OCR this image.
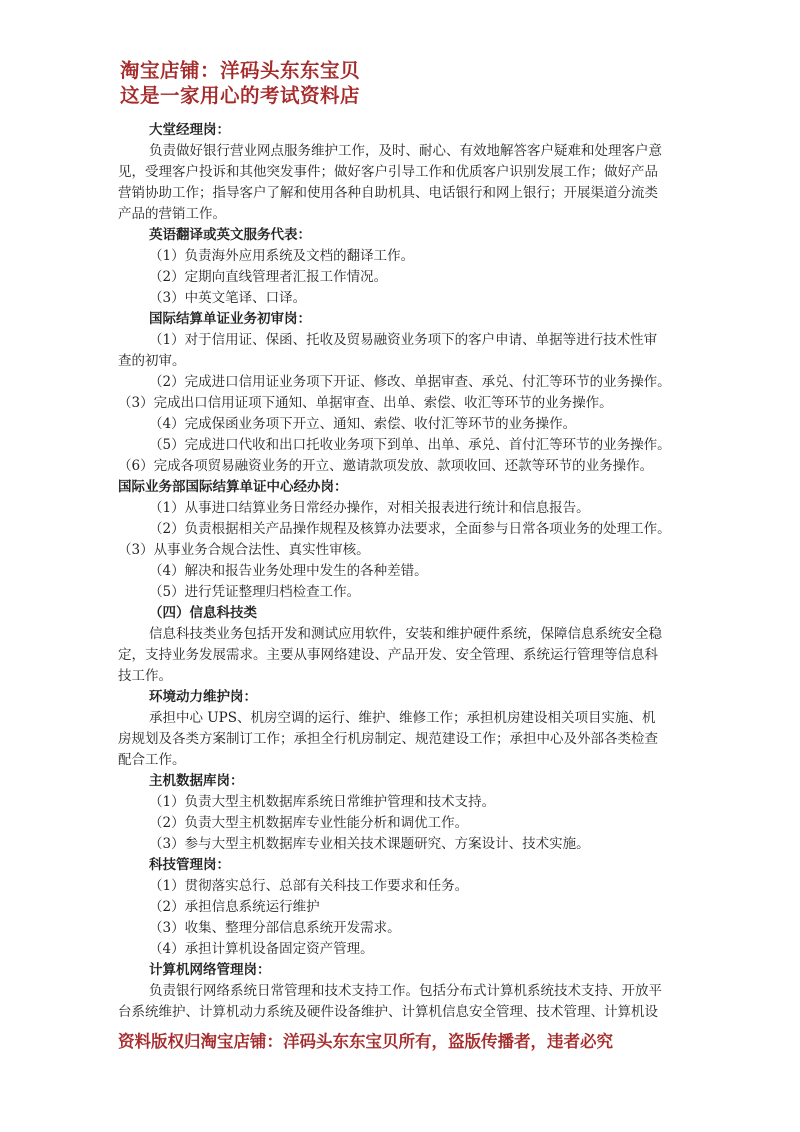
淘宝店铺：洋码头东东宝贝
这是一家用心的考试资料店
大堂经理岗：
负责做好银行营业网点服务维护工作，及时、耐心、有效地解答客户疑难和处理客户意
见，受理客户投诉和其他突发事件；做好客户引导工作和优质客户识别发展工作；做好产品
营销协助工作；指导客户了解和使用各种自助机具、电话银行和网上银行；开展渠道分流类
产品的营销工作。
英语翻译或英文服务代表：
（1）负责海外应用系统及文档的翻译工作。
（2）定期向直线管理者汇报工作情况。
（3）中英文笔译、口译。
国际结算单证业务初审岗：
（1）对于信用证、保函、托收及贸易融资业务项下的客户申请、单据等进行技术性审
查的初审。
（2）完成进口信用证业务项下开证、修改、单据审查、承兑、付汇等环节的业务操作。
（3）完成出口信用证项下通知、单据审查、出单、索偿、收汇等环节的业务操作。
（4）完成保函业务项下开立、通知、索偿、收付汇等环节的业务操作。
（5）完成进口代收和出口托收业务项下到单、出单、承兑、首付汇等环节的业务操作。
（6）完成各项贸易融资业务的开立、邀请款项发放、款项收回、还款等环节的业务操作。
国际业务部国际结算单证中心经办岗：
（1）从事进口结算业务日常经办操作，对相关报表进行统计和信息报告。
（2）负责根据相关产品操作规程及核算办法要求，全面参与日常各项业务的处理工作。
（3）从事业务合规合法性、真实性审核。
（4）解决和报告业务处理中发生的各种差错。
（5）进行凭证整理归档检查工作。
（四）信息科技类
信息科技类业务包括开发和测试应用软件，安装和维护硬件系统，保障信息系统安全稳
定，支持业务发展需求。主要从事网络建设、产品开发、安全管理、系统运行管理等信息科
技工作。
环境动力维护岗：
承担中心 UPS、机房空调的运行、维护、维修工作；承担机房建设相关项目实施、机
房规划及各类方案制订工作；承担全行机房制定、规范建设工作；承担中心及外部各类检查
配合工作。
主机数据库岗：
（1）负责大型主机数据库系统日常维护管理和技术支持。
（2）负责大型主机数据库专业性能分析和调优工作。
（3）参与大型主机数据库专业相关技术课题研究、方案设计、技术实施。
科技管理岗：
（1）贯彻落实总行、总部有关科技工作要求和任务。
（2）承担信息系统运行维护
（3）收集、整理分部信息系统开发需求。
（4）承担计算机设备固定资产管理。
计算机网络管理岗：
负责银行网络系统日常管理和技术支持工作。包括分布式计算机系统技术支持、开放平
台系统维护、计算机动力系统及硬件设备维护、计算机信息安全管理、技术管理、计算机设
资料版权归淘宝店铺：洋码头东东宝贝所有，盗版传播者，违者必究
